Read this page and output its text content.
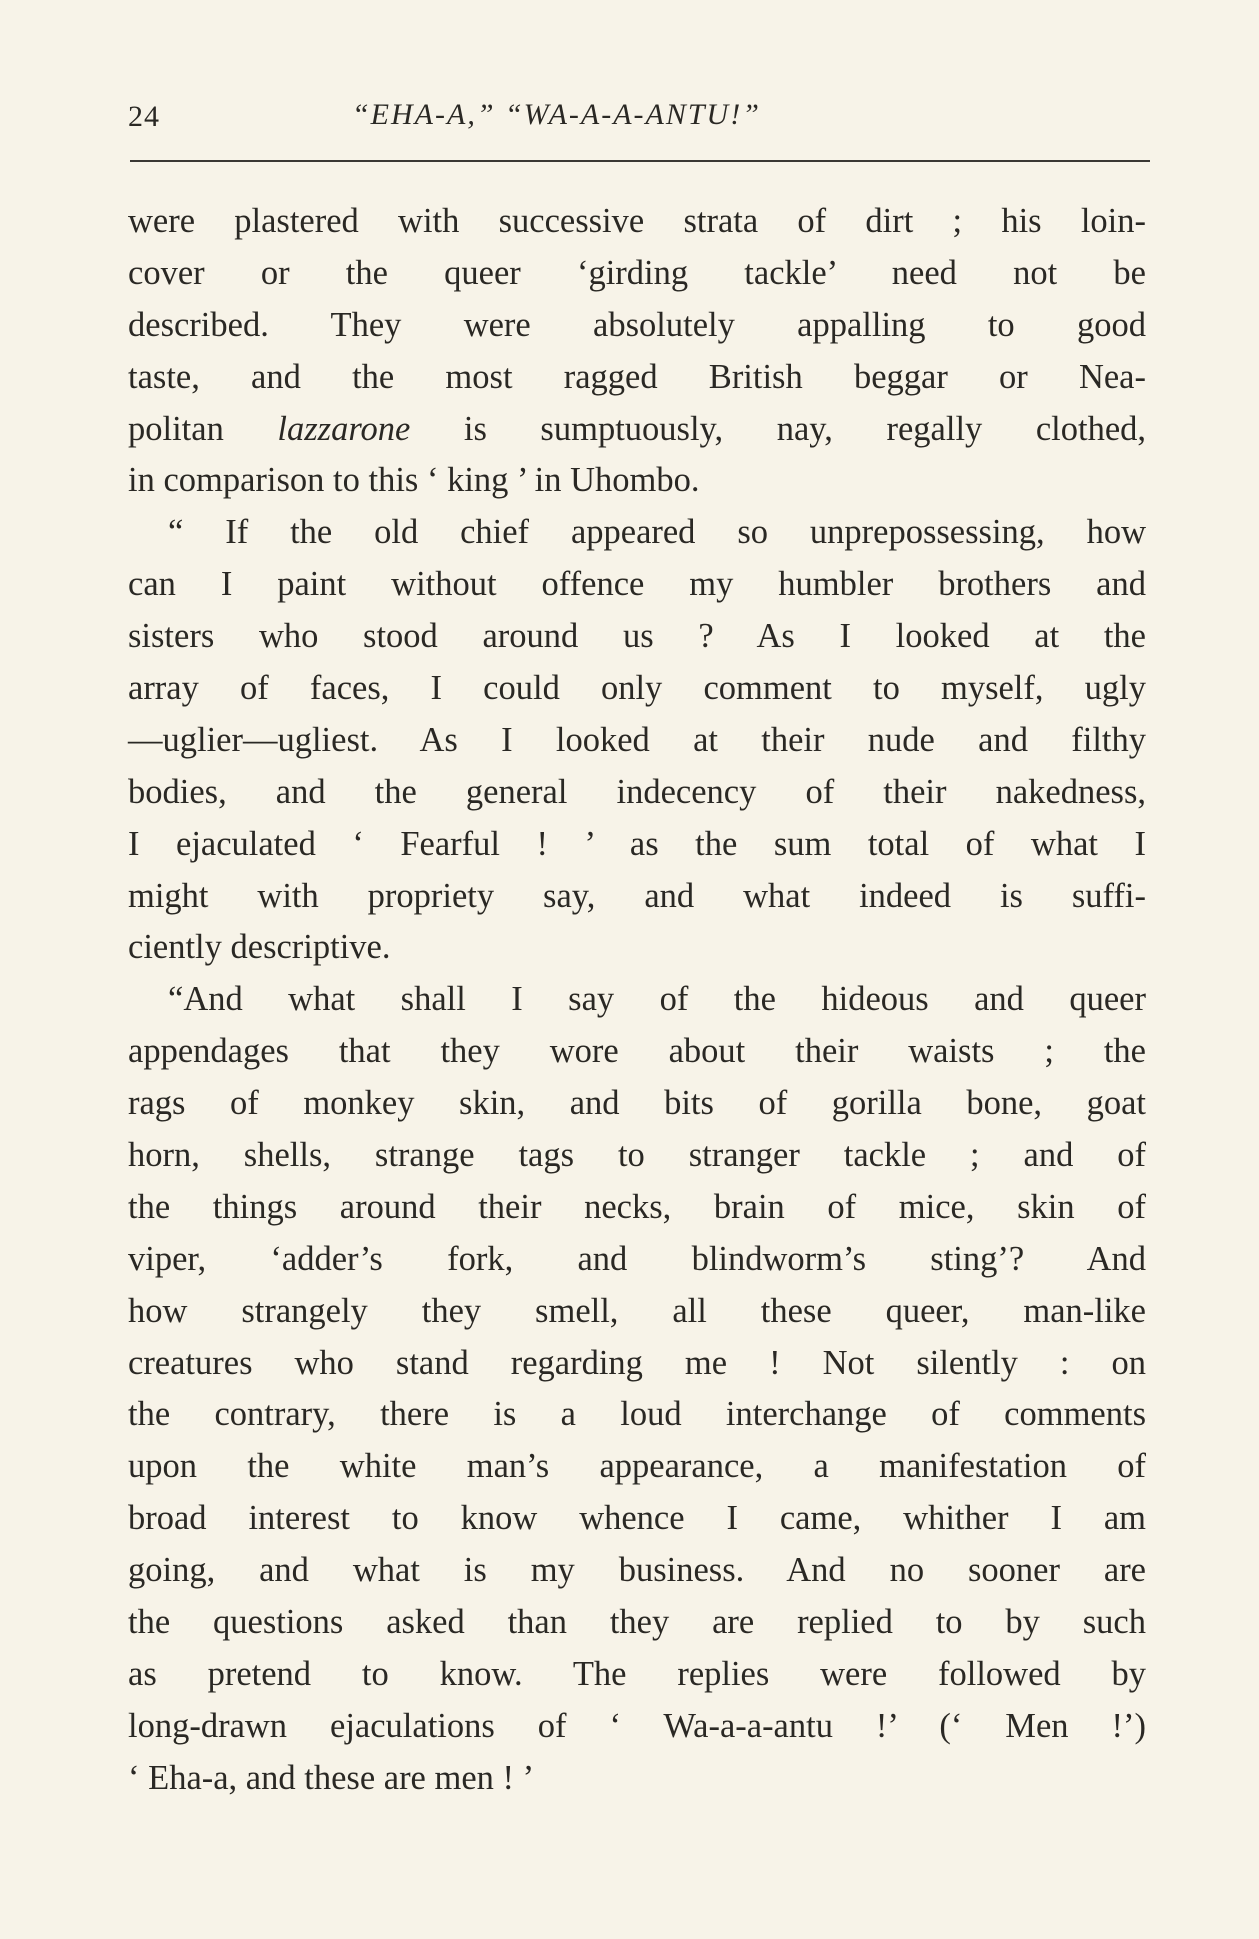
24	“EHA-A,” “WA-A-A-ANTU!”
were plastered with successive strata of dirt ; his loin-
cover or the queer ‘girding tackle’ need not be
described. They were absolutely appalling to good
taste, and the most ragged British beggar or Nea-
politan lazzarone is sumptuously, nay, regally clothed,
in comparison to this ‘ king ’ in Uhombo.
“ If the old chief appeared so unprepossessing, how
can I paint without offence my humbler brothers and
sisters who stood around us ? As I looked at the
array of faces, I could only comment to myself, ugly
—uglier—ugliest. As I looked at their nude and filthy
bodies, and the general indecency of their nakedness,
I ejaculated ‘ Fearful ! ’ as the sum total of what I
might with propriety say, and what indeed is suffi-
ciently descriptive.
“And what shall I say of the hideous and queer
appendages that they wore about their waists ; the
rags of monkey skin, and bits of gorilla bone, goat
horn, shells, strange tags to stranger tackle ; and of
the things around their necks, brain of mice, skin of
viper, ‘adder’s fork, and blindworm’s sting’? And
how strangely they smell, all these queer, man-like
creatures who stand regarding me ! Not silently : on
the contrary, there is a loud interchange of comments
upon the white man’s appearance, a manifestation of
broad interest to know whence I came, whither I am
going, and what is my business. And no sooner are
the questions asked than they are replied to by such
as pretend to know. The replies were followed by
long-drawn ejaculations of ‘ Wa-a-a-antu !’ (‘ Men !’)
‘ Eha-a, and these are men ! ’
